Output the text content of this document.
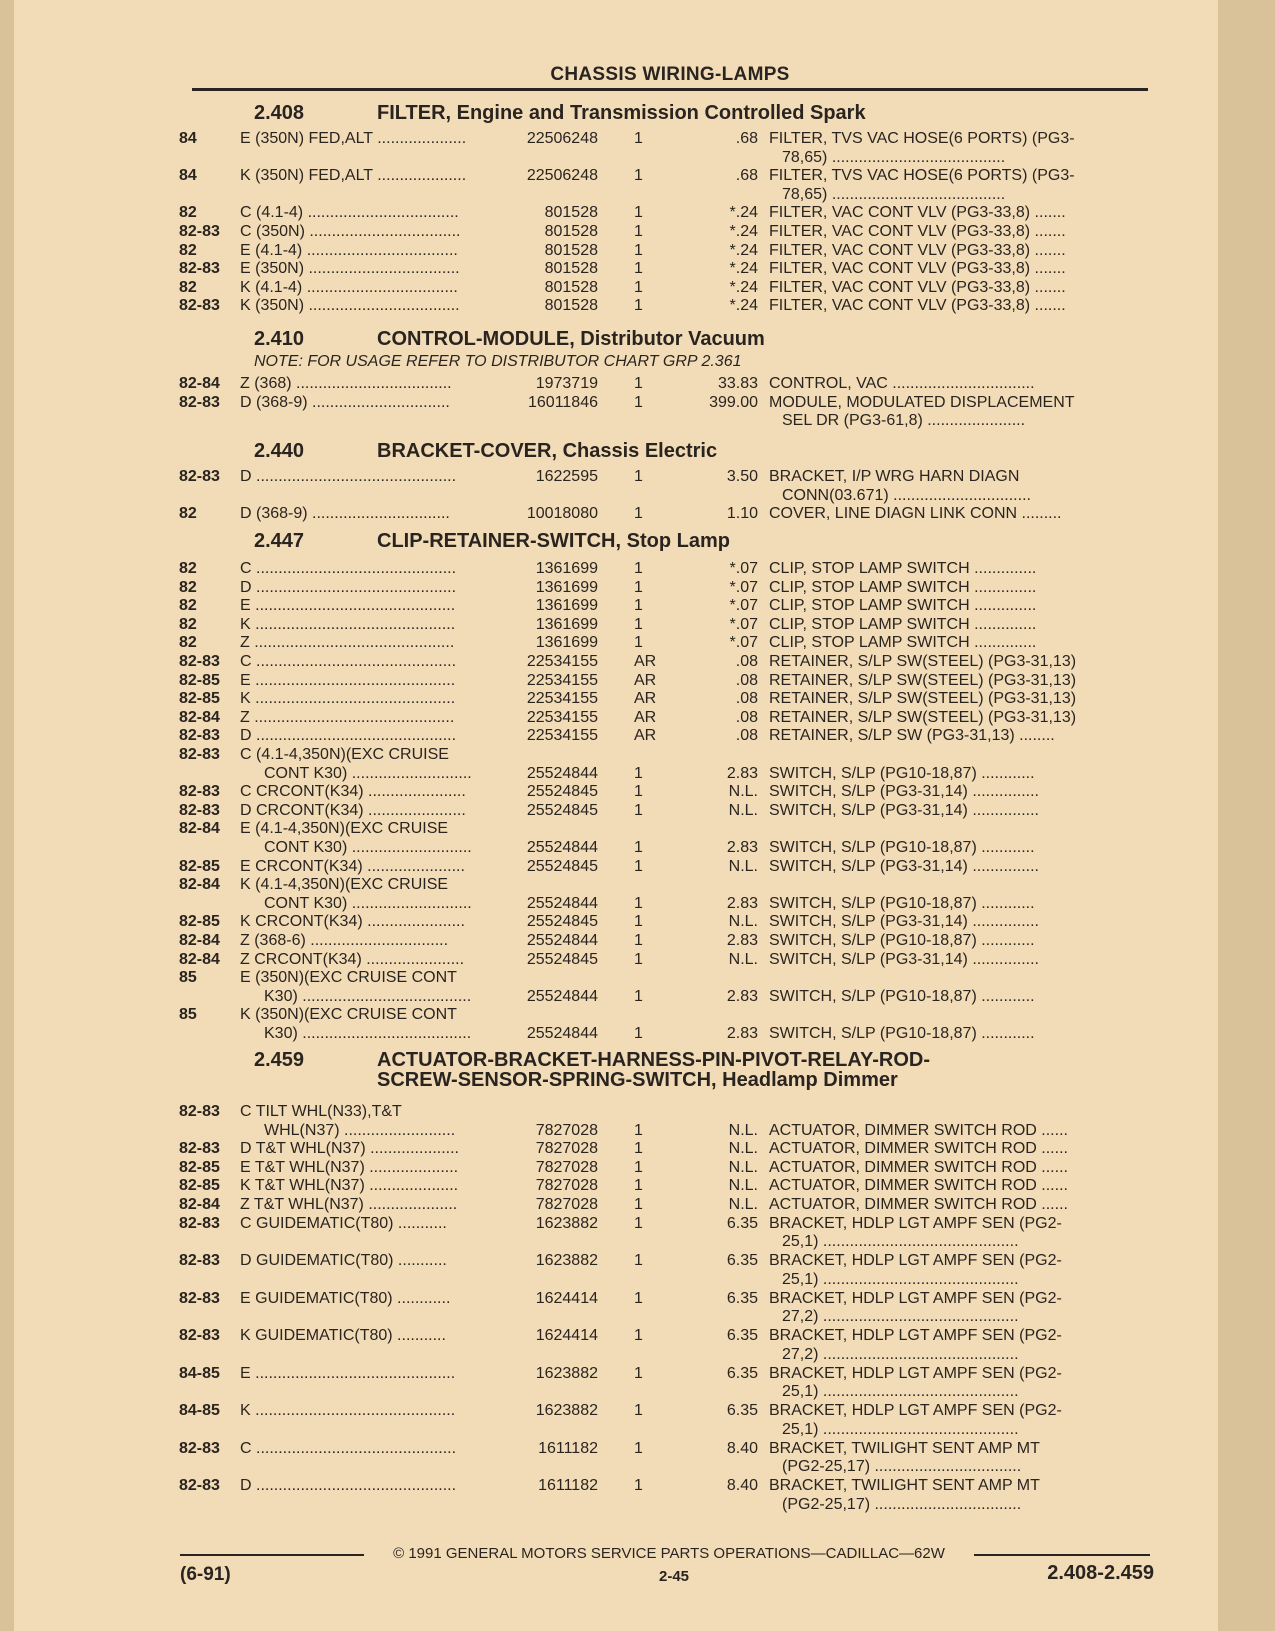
CHASSIS WIRING-LAMPS
2.408	FILTER, Engine and Transmission Controlled Spark
84	E (350N) FED,ALT ....................	22506248 1	.68 FILTER, TVS VAC HOSE(6 PORTS) (PG3-
78,65) .......................................
84	K (350N) FED,ALT ....................	22506248 1	.68 FILTER, TVS VAC HOSE(6 PORTS) (PG3-
78,65) .......................................
82	C (4.1-4) ..................................	801528 1	*.24 FILTER, VAC CONT VLV (PG3-33,8) .......
82-83 C (350N) ..................................	801528 1	*.24 FILTER, VAC CONT VLV (PG3-33,8) .......
82	E (4.1-4) ..................................	801528 1	*.24 FILTER, VAC CONT VLV (PG3-33,8) .......
82-83 E (350N) ..................................	801528 1	*.24 FILTER, VAC CONT VLV (PG3-33,8) .......
82	K (4.1-4) ..................................	801528 1	*.24 FILTER, VAC CONT VLV (PG3-33,8) .......
82-83 K (350N) ..................................	801528 1	*.24 FILTER, VAC CONT VLV (PG3-33,8) .......
2.410	CONTROL-MODULE, Distributor Vacuum
NOTE: FOR USAGE REFER TO DISTRIBUTOR CHART GRP 2.361
82-84 Z (368) ...................................	1973719 1	33.83 CONTROL, VAC ................................
82-83 D (368-9) ...............................	16011846 1	399.00 MODULE, MODULATED DISPLACEMENT
SEL DR (PG3-61,8) ......................
2.440	BRACKET-COVER, Chassis Electric
82-83 D .............................................	1622595 1	3.50 BRACKET, I/P WRG HARN DIAGN
CONN(03.671) ...............................
82	D (368-9) ...............................	10018080 1	1.10 COVER, LINE DIAGN LINK CONN .........
2.447	CLIP-RETAINER-SWITCH, Stop Lamp
82	C .............................................	1361699 1	*.07 CLIP, STOP LAMP SWITCH ..............
82	D .............................................	1361699 1	*.07 CLIP, STOP LAMP SWITCH ..............
82	E .............................................	1361699 1	*.07 CLIP, STOP LAMP SWITCH ..............
82	K .............................................	1361699 1	*.07 CLIP, STOP LAMP SWITCH ..............
82	Z .............................................	1361699 1	*.07 CLIP, STOP LAMP SWITCH ..............
82-83 C .............................................	22534155 AR	.08 RETAINER, S/LP SW(STEEL) (PG3-31,13)
82-85 E .............................................	22534155 AR	.08 RETAINER, S/LP SW(STEEL) (PG3-31,13)
82-85 K .............................................	22534155 AR	.08 RETAINER, S/LP SW(STEEL) (PG3-31,13)
82-84 Z .............................................	22534155 AR	.08 RETAINER, S/LP SW(STEEL) (PG3-31,13)
82-83 D .............................................	22534155 AR	.08 RETAINER, S/LP SW (PG3-31,13) ........
82-83 C (4.1-4,350N)(EXC CRUISE
CONT K30) ...........................	25524844 1	2.83 SWITCH, S/LP (PG10-18,87) ............
82-83 C CRCONT(K34) ......................	25524845 1	N.L. SWITCH, S/LP (PG3-31,14) ...............
82-83 D CRCONT(K34) ......................	25524845 1	N.L. SWITCH, S/LP (PG3-31,14) ...............
82-84 E (4.1-4,350N)(EXC CRUISE
CONT K30) ...........................	25524844 1	2.83 SWITCH, S/LP (PG10-18,87) ............
82-85 E CRCONT(K34) ......................	25524845 1	N.L. SWITCH, S/LP (PG3-31,14) ...............
82-84 K (4.1-4,350N)(EXC CRUISE
CONT K30) ...........................	25524844 1	2.83 SWITCH, S/LP (PG10-18,87) ............
82-85 K CRCONT(K34) ......................	25524845 1	N.L. SWITCH, S/LP (PG3-31,14) ...............
82-84 Z (368-6) ...............................	25524844 1	2.83 SWITCH, S/LP (PG10-18,87) ............
82-84 Z CRCONT(K34) ......................	25524845 1	N.L. SWITCH, S/LP (PG3-31,14) ...............
85	E (350N)(EXC CRUISE CONT
K30) ......................................	25524844 1	2.83 SWITCH, S/LP (PG10-18,87) ............
85	K (350N)(EXC CRUISE CONT
K30) ......................................	25524844 1	2.83 SWITCH, S/LP (PG10-18,87) ............
2.459	ACTUATOR-BRACKET-HARNESS-PIN-PIVOT-RELAY-ROD-
SCREW-SENSOR-SPRING-SWITCH, Headlamp Dimmer
82-83 C TILT WHL(N33),T&T
WHL(N37) .........................	7827028 1	N.L. ACTUATOR, DIMMER SWITCH ROD ......
82-83 D T&T WHL(N37) ....................	7827028 1	N.L. ACTUATOR, DIMMER SWITCH ROD ......
82-85 E T&T WHL(N37) ....................	7827028 1	N.L. ACTUATOR, DIMMER SWITCH ROD ......
82-85 K T&T WHL(N37) ....................	7827028 1	N.L. ACTUATOR, DIMMER SWITCH ROD ......
82-84 Z T&T WHL(N37) ....................	7827028 1	N.L. ACTUATOR, DIMMER SWITCH ROD ......
82-83 C GUIDEMATIC(T80) ...........	1623882 1	6.35 BRACKET, HDLP LGT AMPF SEN (PG2-
25,1) ............................................
82-83 D GUIDEMATIC(T80) ...........	1623882 1	6.35 BRACKET, HDLP LGT AMPF SEN (PG2-
25,1) ............................................
82-83 E GUIDEMATIC(T80) ............	1624414 1	6.35 BRACKET, HDLP LGT AMPF SEN (PG2-
27,2) ............................................
82-83 K GUIDEMATIC(T80) ...........	1624414 1	6.35 BRACKET, HDLP LGT AMPF SEN (PG2-
27,2) ............................................
84-85 E .............................................	1623882 1	6.35 BRACKET, HDLP LGT AMPF SEN (PG2-
25,1) ............................................
84-85 K .............................................	1623882 1	6.35 BRACKET, HDLP LGT AMPF SEN (PG2-
25,1) ............................................
82-83 C .............................................	1611182 1	8.40 BRACKET, TWILIGHT SENT AMP MT
(PG2-25,17) .................................
82-83 D .............................................	1611182 1	8.40 BRACKET, TWILIGHT SENT AMP MT
(PG2-25,17) .................................
© 1991 GENERAL MOTORS SERVICE PARTS OPERATIONS—CADILLAC—62W
(6-91)	2-45	2.408-2.459
